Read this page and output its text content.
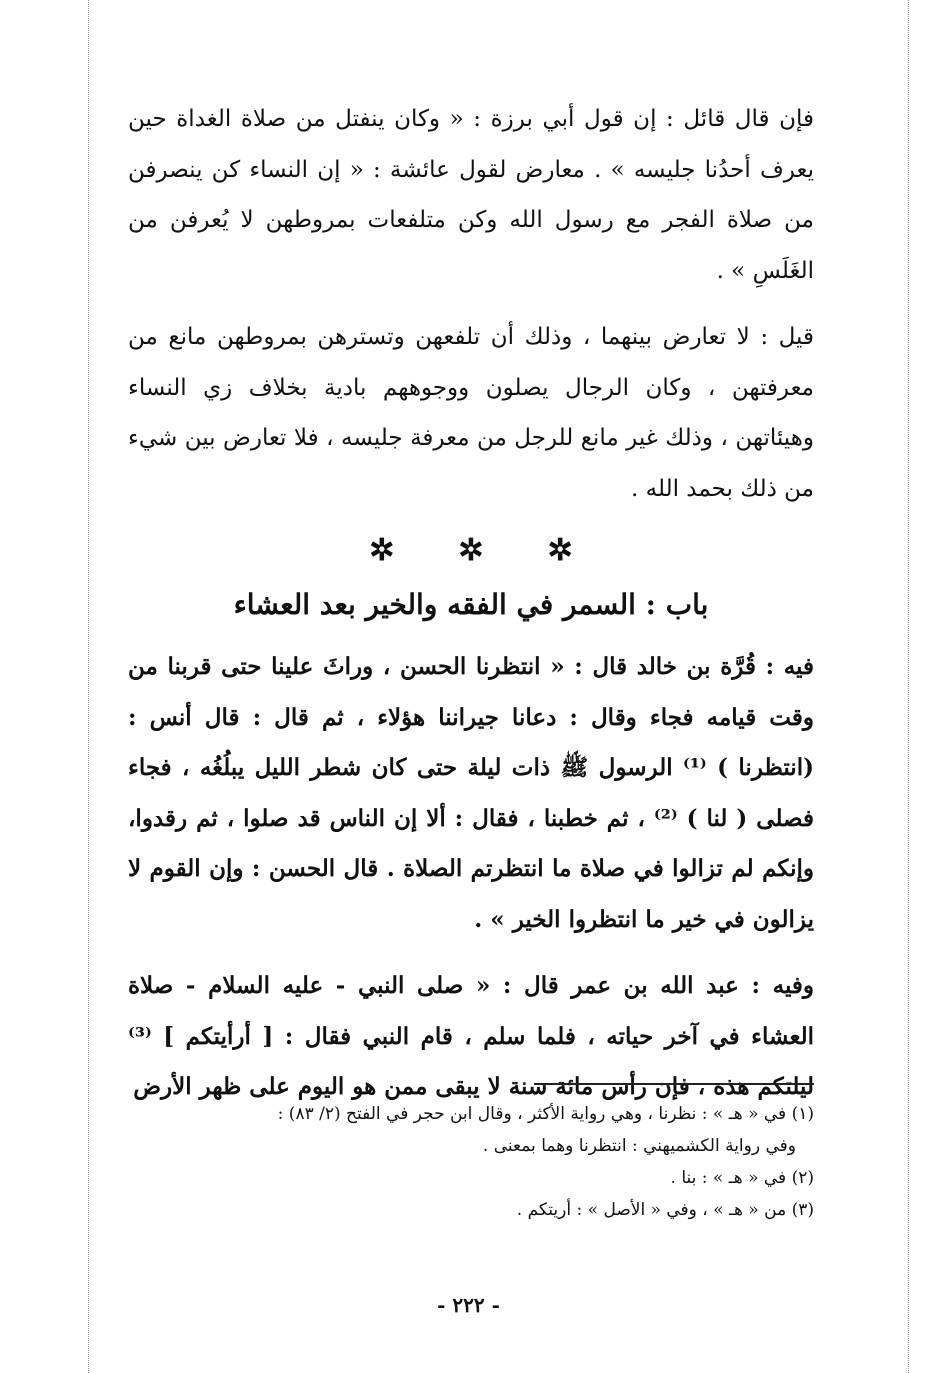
فإن قال قائل : إن قول أبي برزة : « وكان ينفتل من صلاة الغداة حين يعرف أحدُنا جليسه » . معارض لقول عائشة : « إن النساء كن ينصرفن من صلاة الفجر مع رسول الله وكن متلفعات بمروطهن لا يُعرفن من الغَلَسِ » .

قيل : لا تعارض بينهما ، وذلك أن تلفعهن وتسترهن بمروطهن مانع من معرفتهن ، وكان الرجال يصلون ووجوههم بادية بخلاف زي النساء وهيئاتهن ، وذلك غير مانع للرجل من معرفة جليسه ، فلا تعارض بين شيء من ذلك بحمد الله .

✲ ✲ ✲
باب : السمر في الفقه والخير بعد العشاء

فيه : قُرَّة بن خالد قال : « انتظرنا الحسن ، وراثَ علينا حتى قربنا من وقت قيامه فجاء وقال : دعانا جيراننا هؤلاء ، ثم قال : قال أنس : (انتظرنا ) ⁽¹⁾ الرسول ﷺ ذات ليلة حتى كان شطر الليل يبلُغُه ، فجاء فصلى ( لنا ) ⁽²⁾ ، ثم خطبنا ، فقال : ألا إن الناس قد صلوا ، ثم رقدوا، وإنكم لم تزالوا في صلاة ما انتظرتم الصلاة . قال الحسن : وإن القوم لا يزالون في خير ما انتظروا الخير » .

وفيه : عبد الله بن عمر قال : « صلى النبي - عليه السلام - صلاة العشاء في آخر حياته ، فلما سلم ، قام النبي فقال : [ أرأيتكم ] ⁽³⁾ ليلتكم هذه ، فإن رأس مائة سنة لا يبقى ممن هو اليوم على ظهر الأرض

(١) في « هـ » : نظرنا ، وهي رواية الأكثر ، وقال ابن حجر في الفتح (٢/ ٨٣) :

وفي رواية الكشميهني : انتظرنا وهما بمعنى .

(٢) في « هـ » : بنا .

(٣) من « هـ » ، وفي « الأصل » : أريتكم .

- ٢٢٢ -
